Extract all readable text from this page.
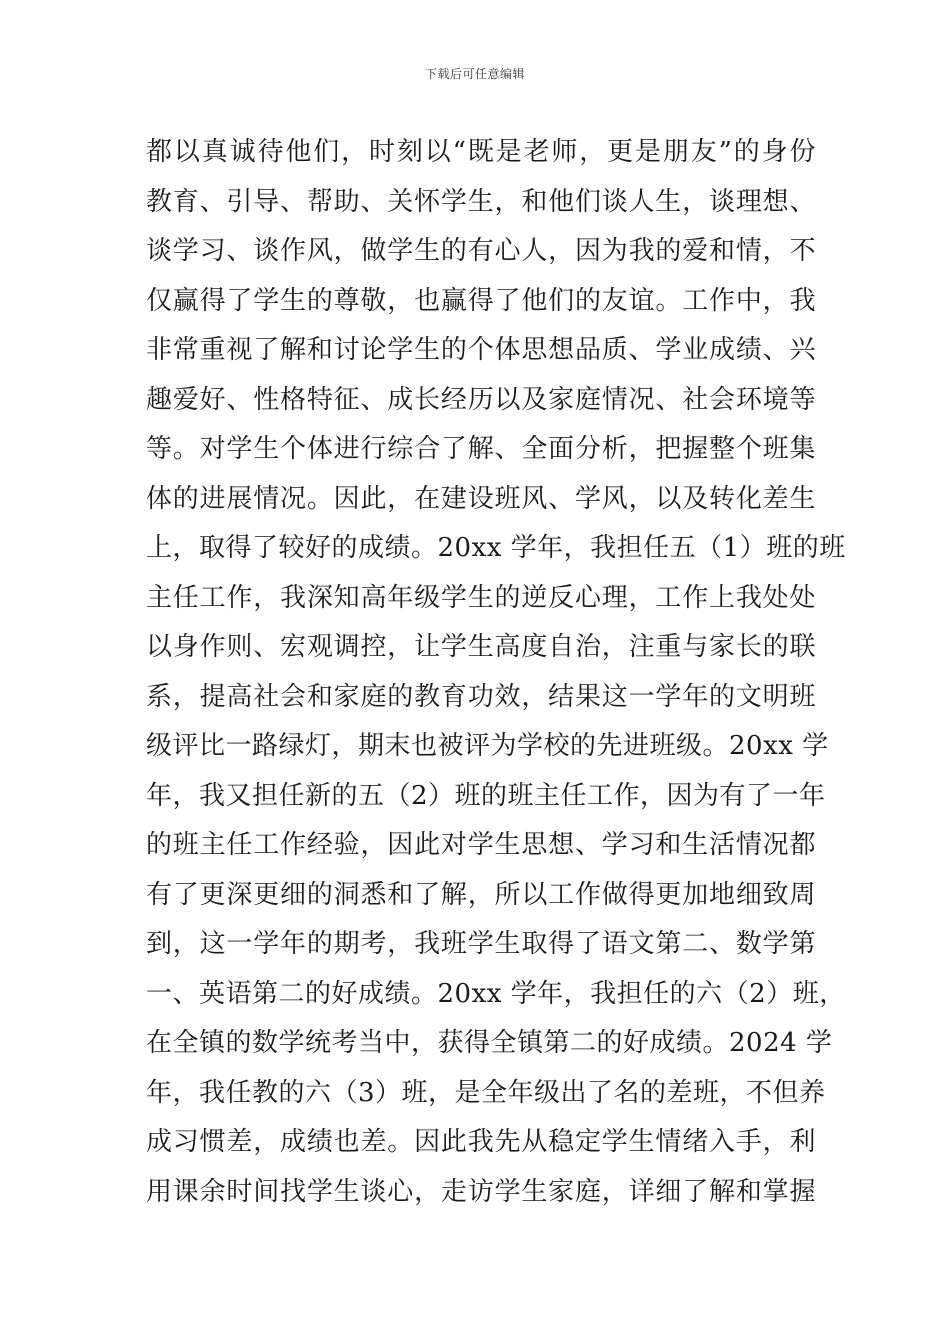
下载后可任意编辑
都以真诚待他们，时刻以“既是老师，更是朋友”的身份
教育、引导、帮助、关怀学生，和他们谈人生，谈理想、
谈学习、谈作风，做学生的有心人，因为我的爱和情，不
仅赢得了学生的尊敬，也赢得了他们的友谊。工作中，我
非常重视了解和讨论学生的个体思想品质、学业成绩、兴
趣爱好、性格特征、成长经历以及家庭情况、社会环境等
等。对学生个体进行综合了解、全面分析，把握整个班集
体的进展情况。因此，在建设班风、学风，以及转化差生
上，取得了较好的成绩。20xx 学年，我担任五（1）班的班
主任工作，我深知高年级学生的逆反心理，工作上我处处
以身作则、宏观调控，让学生高度自治，注重与家长的联
系，提高社会和家庭的教育功效，结果这一学年的文明班
级评比一路绿灯，期末也被评为学校的先进班级。20xx 学
年，我又担任新的五（2）班的班主任工作，因为有了一年
的班主任工作经验，因此对学生思想、学习和生活情况都
有了更深更细的洞悉和了解，所以工作做得更加地细致周
到，这一学年的期考，我班学生取得了语文第二、数学第
一、英语第二的好成绩。20xx 学年，我担任的六（2）班，
在全镇的数学统考当中，获得全镇第二的好成绩。2024 学
年，我任教的六（3）班，是全年级出了名的差班，不但养
成习惯差，成绩也差。因此我先从稳定学生情绪入手，利
用课余时间找学生谈心，走访学生家庭，详细了解和掌握
